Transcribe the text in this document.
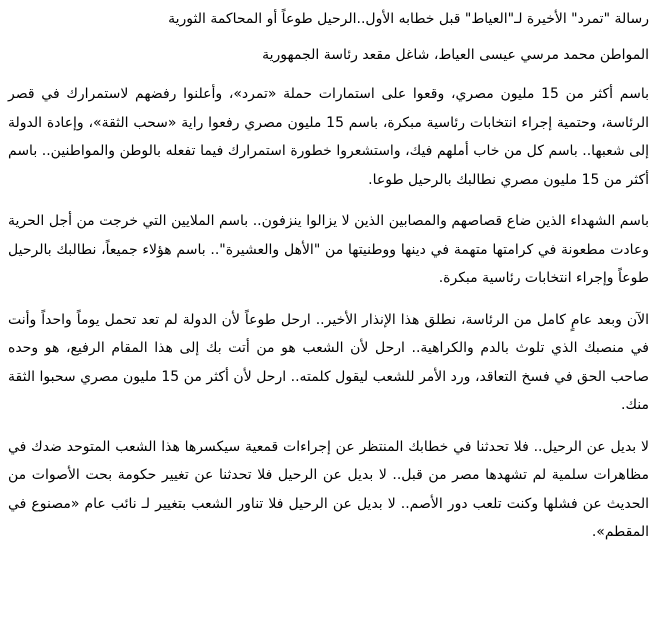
رسالة "تمرد" الأخيرة لـ"العياط" قبل خطابه الأول..الرحيل طوعاً أو المحاكمة الثورية

المواطن محمد مرسي عيسى العياط، شاغل مقعد رئاسة الجمهورية

باسم أكثر من 15 مليون مصري، وقعوا على استمارات حملة «تمرد»، وأعلنوا رفضهم لاستمرارك في قصر الرئاسة، وحتمية إجراء انتخابات رئاسية مبكرة، باسم 15 مليون مصري رفعوا راية «سحب الثقة»، وإعادة الدولة إلى شعبها.. باسم كل من خاب أملهم فيك، واستشعروا خطورة استمرارك فيما تفعله بالوطن والمواطنين.. باسم أكثر من 15 مليون مصري نطالبك بالرحيل طوعا.

باسم الشهداء الذين ضاع قصاصهم والمصابين الذين لا يزالوا ينزفون.. باسم الملايين التي خرجت من أجل الحرية وعادت مطعونة في كرامتها متهمة في دينها ووطنيتها من "الأهل والعشيرة".. باسم هؤلاء جميعاً، نطالبك بالرحيل طوعاً وإجراء انتخابات رئاسية مبكرة.

الآن وبعد عامٍ كامل من الرئاسة، نطلق هذا الإنذار الأخير.. ارحل طوعاً لأن الدولة لم تعد تحمل يوماً واحداً وأنت في منصبك الذي تلوث بالدم والكراهية.. ارحل لأن الشعب هو من أتت بك إلى هذا المقام الرفيع، هو وحده صاحب الحق في فسخ التعاقد، ورد الأمر للشعب ليقول كلمته.. ارحل لأن أكثر من 15 مليون مصري سحبوا الثقة منك.

لا بديل عن الرحيل.. فلا تحدثنا في خطابك المنتظر عن إجراءات قمعية سيكسرها هذا الشعب المتوحد ضدك في مظاهرات سلمية لم تشهدها مصر من قبل.. لا بديل عن الرحيل فلا تحدثنا عن تغيير حكومة بحت الأصوات من الحديث عن فشلها وكنت تلعب دور الأصم.. لا بديل عن الرحيل فلا تناور الشعب بتغيير لـ نائب عام «مصنوع في المقطم».
